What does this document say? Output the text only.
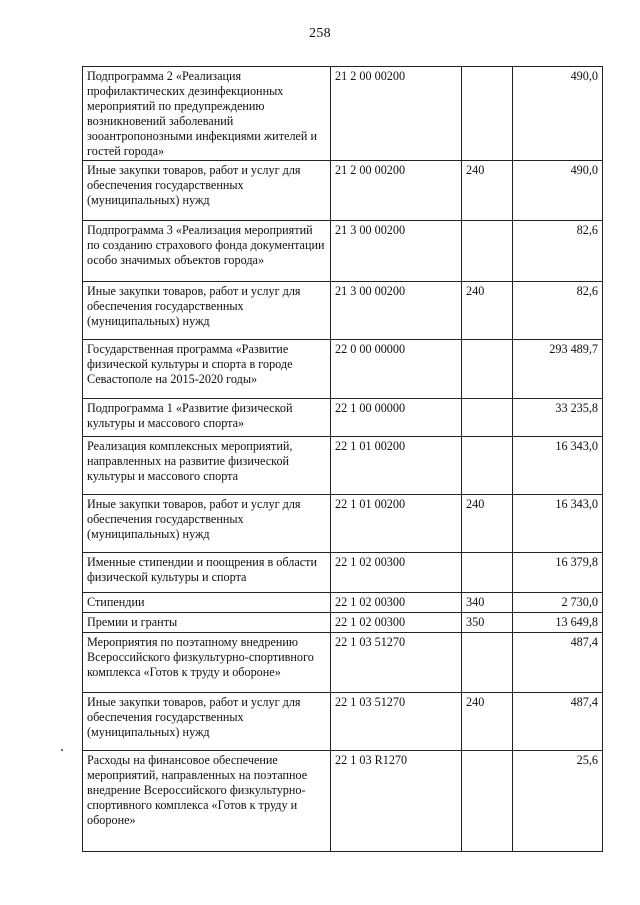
258
Подпрограмма 2 «Реализация профилактических дезинфекционных мероприятий по предупреждению возникновений заболеваний зооантропонозными инфекциями жителей и гостей города»	21 2 00 00200		490,0
Иные закупки товаров, работ и услуг для обеспечения государственных (муниципальных) нужд	21 2 00 00200	240	490,0
Подпрограмма 3 «Реализация мероприятий по созданию страхового фонда документации особо значимых объектов города»	21 3 00 00200		82,6
Иные закупки товаров, работ и услуг для обеспечения государственных (муниципальных) нужд	21 3 00 00200	240	82,6
Государственная программа «Развитие физической культуры и спорта в городе Севастополе на 2015-2020 годы»	22 0 00 00000		293 489,7
Подпрограмма 1 «Развитие физической культуры и массового спорта»	22 1 00 00000		33 235,8
Реализация комплексных мероприятий, направленных на развитие физической культуры и массового спорта	22 1 01 00200		16 343,0
Иные закупки товаров, работ и услуг для обеспечения государственных (муниципальных) нужд	22 1 01 00200	240	16 343,0
Именные стипендии и поощрения в области физической культуры и спорта	22 1 02 00300		16 379,8
Стипендии	22 1 02 00300	340	2 730,0
Премии и гранты	22 1 02 00300	350	13 649,8
Мероприятия по поэтапному внедрению Всероссийского физкультурно-спортивного комплекса «Готов к труду и обороне»	22 1 03 51270		487,4
Иные закупки товаров, работ и услуг для обеспечения государственных (муниципальных) нужд	22 1 03 51270	240	487,4
Расходы на финансовое обеспечение мероприятий, направленных на поэтапное внедрение Всероссийского физкультурно-спортивного комплекса «Готов к труду и обороне»	22 1 03 R1270		25,6
